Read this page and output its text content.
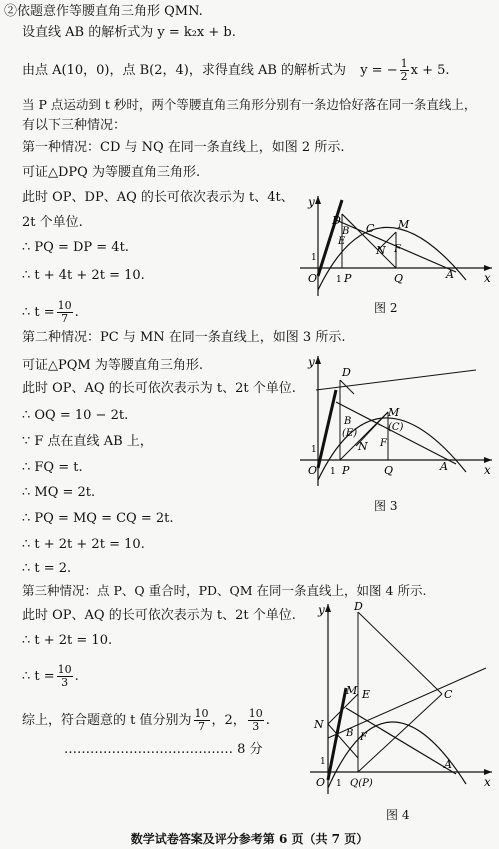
②依题意作等腰直角三角形 QMN.
设直线 AB 的解析式为 y = k₂x + b.
由点 A(10，0)，点 B(2，4)，求得直线 AB 的解析式为 y = − $\frac{1}{2}$ x + 5.
当 P 点运动到 t 秒时，两个等腰直角三角形分别有一条边恰好落在同一条直线上，
有以下三种情况：
第一种情况：CD 与 NQ 在同一条直线上，如图 2 所示.
可证△DPQ 为等腰直角三角形.
此时 OP、DP、AQ 的长可依次表示为 t、4t、
2t 个单位.
∴ PQ = DP = 4t.
∴ t + 4t + 2t = 10.
∴ $t = \frac{10}{7}$ .
y
x
O
1
1 P	Q	A
D
B
E
C M
N F
图 2
第二种情况：PC 与 MN 在同一条直线上，如图 3 所示.
可证△PQM 为等腰直角三角形.
此时 OP、AQ 的长可依次表示为 t、2t 个单位.
∴ OQ = 10 − 2t.
∵ F 点在直线 AB 上，
∴ FQ = t.
∴ MQ = 2t.
∴ PQ = MQ = CQ = 2t.
∴ t + 2t + 2t = 10.
∴ t = 2.
y
x
O
1
1 P	Q	A
D
B
(E)
M
(C)
N F
图 3
第三种情况：点 P、Q 重合时，PD、QM 在同一条直线上，如图 4 所示.
此时 OP、AQ 的长可依次表示为 t、2t 个单位.
∴ t + 2t = 10.
∴ $t = \frac{10}{3}$ .
综上，符合题意的 t 值分别为 $\frac{10}{7}$ ，2， $\frac{10}{3}$ .
………………………………… 8 分
y
x
O
1
1 Q(P)
A
D
C
M E
N
B F
图 4
数学试卷答案及评分参考第 6 页（共 7 页）
